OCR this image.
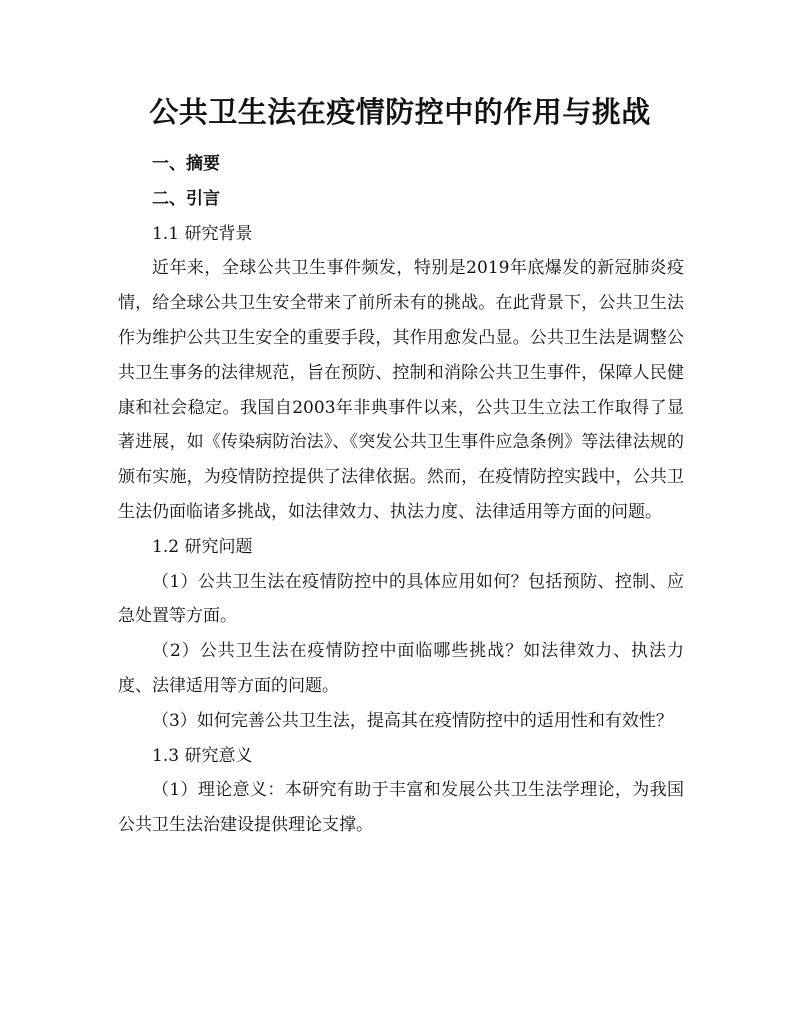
公共卫生法在疫情防控中的作用与挑战

一、摘要

二、引言

1.1 研究背景

近年来，全球公共卫生事件频发，特别是2019年底爆发的新冠肺炎疫情，给全球公共卫生安全带来了前所未有的挑战。在此背景下，公共卫生法作为维护公共卫生安全的重要手段，其作用愈发凸显。公共卫生法是调整公共卫生事务的法律规范，旨在预防、控制和消除公共卫生事件，保障人民健康和社会稳定。我国自2003年非典事件以来，公共卫生立法工作取得了显著进展，如《传染病防治法》、《突发公共卫生事件应急条例》等法律法规的颁布实施，为疫情防控提供了法律依据。然而，在疫情防控实践中，公共卫生法仍面临诸多挑战，如法律效力、执法力度、法律适用等方面的问题。

1.2 研究问题

（1）公共卫生法在疫情防控中的具体应用如何？包括预防、控制、应急处置等方面。

（2）公共卫生法在疫情防控中面临哪些挑战？如法律效力、执法力度、法律适用等方面的问题。

（3）如何完善公共卫生法，提高其在疫情防控中的适用性和有效性？

1.3 研究意义

（1）理论意义：本研究有助于丰富和发展公共卫生法学理论，为我国公共卫生法治建设提供理论支撑。
